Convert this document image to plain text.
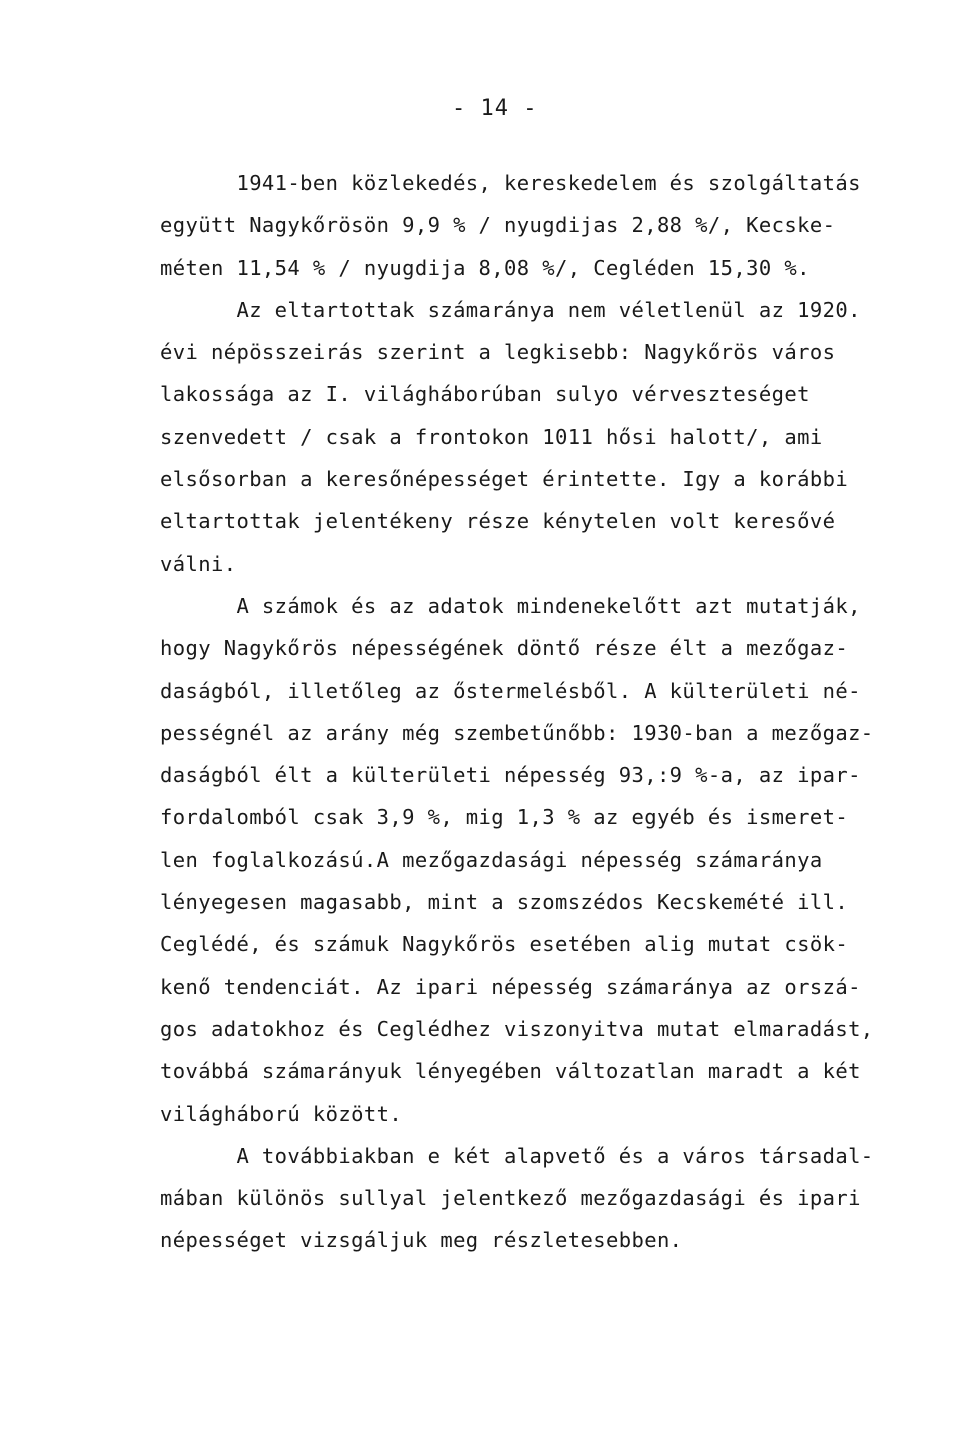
- 14 -
1941-ben közlekedés, kereskedelem és szolgáltatás
együtt Nagykőrösön 9,9 % / nyugdijas 2,88 %/, Kecske-
méten 11,54 % / nyugdija 8,08 %/, Cegléden 15,30 %.
Az eltartottak számaránya nem véletlenül az 1920.
évi népösszeirás szerint a legkisebb: Nagykőrös város
lakossága az I. világháborúban sulyo vérveszteséget
szenvedett / csak a frontokon 1011 hősi halott/, ami
elsősorban a keresőnépességet érintette. Igy a korábbi
eltartottak jelentékeny része kénytelen volt keresővé
válni.
A számok és az adatok mindenekelőtt azt mutatják,
hogy Nagykőrös népességének döntő része élt a mezőgaz-
daságból, illetőleg az őstermelésből. A külterületi né-
pességnél az arány még szembetűnőbb: 1930-ban a mezőgaz-
daságból élt a külterületi népesség 93,:9 %-a, az ipar-
fordalomból csak 3,9 %, mig 1,3 % az egyéb és ismeret-
len foglalkozású.A mezőgazdasági népesség számaránya
lényegesen magasabb, mint a szomszédos Kecskemété ill.
Ceglédé, és számuk Nagykőrös esetében alig mutat csök-
kenő tendenciát. Az ipari népesség számaránya az orszá-
gos adatokhoz és Ceglédhez viszonyitva mutat elmaradást,
továbbá számarányuk lényegében változatlan maradt a két
világháború között.
A továbbiakban e két alapvető és a város társadal-
mában különös sullyal jelentkező mezőgazdasági és ipari
népességet vizsgáljuk meg részletesebben.
